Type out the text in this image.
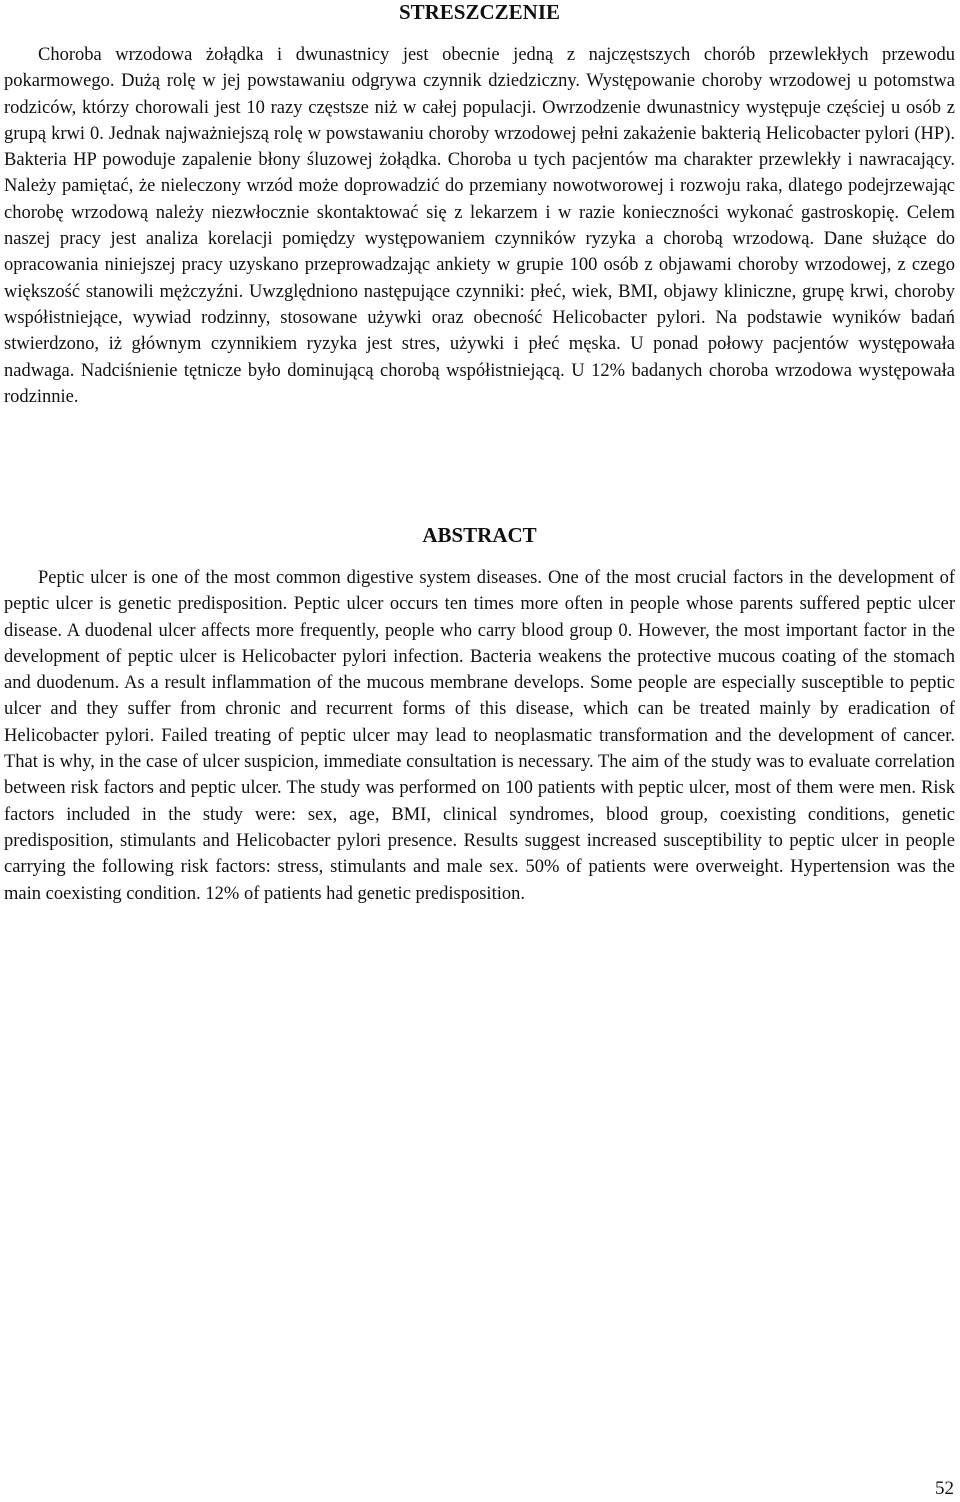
STRESZCZENIE

Choroba wrzodowa żołądka i dwunastnicy jest obecnie jedną z najczęstszych chorób przewlekłych przewodu pokarmowego. Dużą rolę w jej powstawaniu odgrywa czynnik dziedziczny. Występowanie choroby wrzodowej u potomstwa rodziców, którzy chorowali jest 10 razy częstsze niż w całej populacji. Owrzodzenie dwunastnicy występuje częściej u osób z grupą krwi 0. Jednak najważniejszą rolę w powstawaniu choroby wrzodowej pełni zakażenie bakterią Helicobacter pylori (HP). Bakteria HP powoduje zapalenie błony śluzowej żołądka. Choroba u tych pacjentów ma charakter przewlekły i nawracający. Należy pamiętać, że nieleczony wrzód może doprowadzić do przemiany nowotworowej i rozwoju raka, dlatego podejrzewając chorobę wrzodową należy niezwłocznie skontaktować się z lekarzem i w razie konieczności wykonać gastroskopię. Celem naszej pracy jest analiza korelacji pomiędzy występowaniem czynników ryzyka a chorobą wrzodową. Dane służące do opracowania niniejszej pracy uzyskano przeprowadzając ankiety w grupie 100 osób z objawami choroby wrzodowej, z czego większość stanowili mężczyźni. Uwzględniono następujące czynniki: płeć, wiek, BMI, objawy kliniczne, grupę krwi, choroby współistniejące, wywiad rodzinny, stosowane używki oraz obecność Helicobacter pylori. Na podstawie wyników badań stwierdzono, iż głównym czynnikiem ryzyka jest stres, używki i płeć męska. U ponad połowy pacjentów występowała nadwaga. Nadciśnienie tętnicze było dominującą chorobą współistniejącą. U 12% badanych choroba wrzodowa występowała rodzinnie.

ABSTRACT

Peptic ulcer is one of the most common digestive system diseases. One of the most crucial factors in the development of peptic ulcer is genetic predisposition. Peptic ulcer occurs ten times more often in people whose parents suffered peptic ulcer disease. A duodenal ulcer affects more frequently, people who carry blood group 0. However, the most important factor in the development of peptic ulcer is Helicobacter pylori infection. Bacteria weakens the protective mucous coating of the stomach and duodenum. As a result inflammation of the mucous membrane develops. Some people are especially susceptible to peptic ulcer and they suffer from chronic and recurrent forms of this disease, which can be treated mainly by eradication of Helicobacter pylori. Failed treating of peptic ulcer may lead to neoplasmatic transformation and the development of cancer. That is why, in the case of ulcer suspicion, immediate consultation is necessary. The aim of the study was to evaluate correlation between risk factors and peptic ulcer. The study was performed on 100 patients with peptic ulcer, most of them were men. Risk factors included in the study were: sex, age, BMI, clinical syndromes, blood group, coexisting conditions, genetic predisposition, stimulants and Helicobacter pylori presence. Results suggest increased susceptibility to peptic ulcer in people carrying the following risk factors: stress, stimulants and male sex. 50% of patients were overweight. Hypertension was the main coexisting condition. 12% of patients had genetic predisposition.

52
